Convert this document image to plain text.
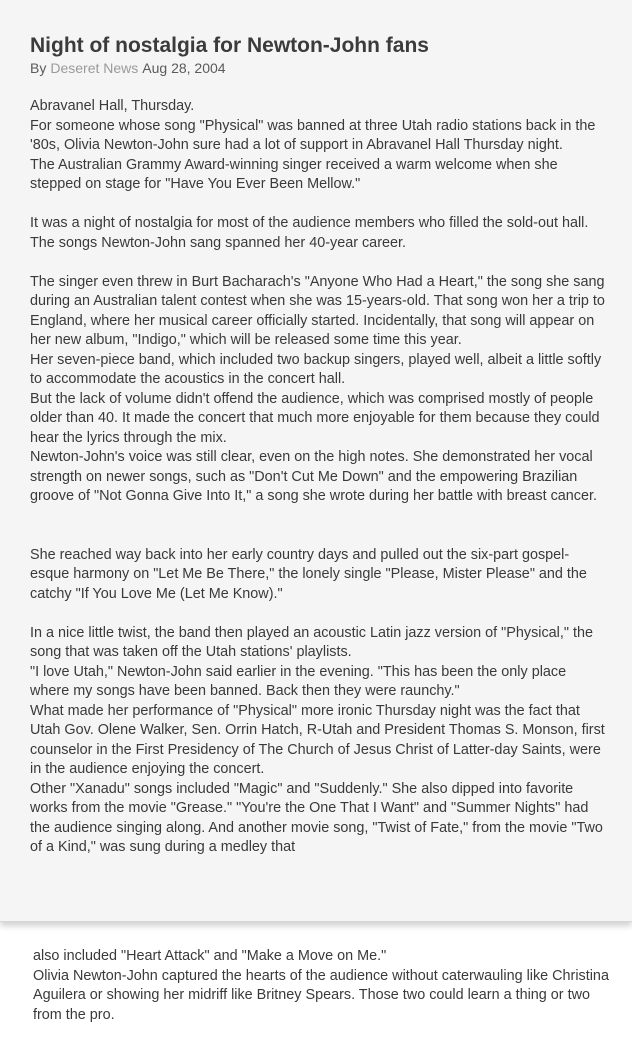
Night of nostalgia for Newton-John fans
By Deseret News Aug 28, 2004

Abravanel Hall, Thursday.

For someone whose song "Physical" was banned at three Utah radio stations back in the '80s, Olivia Newton-John sure had a lot of support in Abravanel Hall Thursday night.

The Australian Grammy Award-winning singer received a warm welcome when she stepped on stage for "Have You Ever Been Mellow."

It was a night of nostalgia for most of the audience members who filled the sold-out hall. The songs Newton-John sang spanned her 40-year career.

The singer even threw in Burt Bacharach's "Anyone Who Had a Heart," the song she sang during an Australian talent contest when she was 15-years-old. That song won her a trip to England, where her musical career officially started. Incidentally, that song will appear on her new album, "Indigo," which will be released some time this year.

Her seven-piece band, which included two backup singers, played well, albeit a little softly to accommodate the acoustics in the concert hall.

But the lack of volume didn't offend the audience, which was comprised mostly of people older than 40. It made the concert that much more enjoyable for them because they could hear the lyrics through the mix.

Newton-John's voice was still clear, even on the high notes. She demonstrated her vocal strength on newer songs, such as "Don't Cut Me Down" and the empowering Brazilian groove of "Not Gonna Give Into It," a song she wrote during her battle with breast cancer.

She reached way back into her early country days and pulled out the six-part gospel-esque harmony on "Let Me Be There," the lonely single "Please, Mister Please" and the catchy "If You Love Me (Let Me Know)."

In a nice little twist, the band then played an acoustic Latin jazz version of "Physical," the song that was taken off the Utah stations' playlists.

"I love Utah," Newton-John said earlier in the evening. "This has been the only place where my songs have been banned. Back then they were raunchy."

What made her performance of "Physical" more ironic Thursday night was the fact that Utah Gov. Olene Walker, Sen. Orrin Hatch, R-Utah and President Thomas S. Monson, first counselor in the First Presidency of The Church of Jesus Christ of Latter-day Saints, were in the audience enjoying the concert.

Other "Xanadu" songs included "Magic" and "Suddenly." She also dipped into favorite works from the movie "Grease." "You're the One That I Want" and "Summer Nights" had the audience singing along. And another movie song, "Twist of Fate," from the movie "Two of a Kind," was sung during a medley that

also included "Heart Attack" and "Make a Move on Me."

Olivia Newton-John captured the hearts of the audience without caterwauling like Christina Aguilera or showing her midriff like Britney Spears. Those two could learn a thing or two from the pro.
